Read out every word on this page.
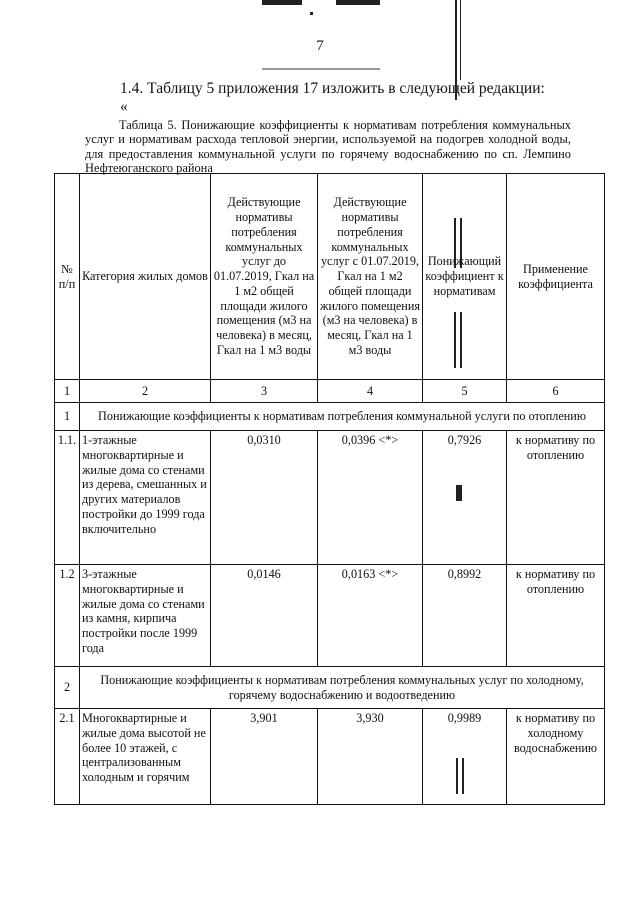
7
1.4. Таблицу 5 приложения 17 изложить в следующей редакции:
«
Таблица 5. Понижающие коэффициенты к нормативам потребления коммунальных услуг и нормативам расхода тепловой энергии, используемой на подогрев холодной воды, для предоставления коммунальной услуги по горячему водоснабжению по сп. Лемпино Нефтеюганского района
№ п/п	Категория жилых домов	Действующие нормативы потребления коммунальных услуг до 01.07.2019, Гкал на 1 м2 общей площади жилого помещения (м3 на человека) в месяц, Гкал на 1 м3 воды	Действующие нормативы потребления коммунальных услуг с 01.07.2019, Гкал на 1 м2 общей площади жилого помещения (м3 на человека) в месяц, Гкал на 1 м3 воды	Понижающий коэффициент к нормативам	Применение коэффициента
1	2	3	4	5	6
1	Понижающие коэффициенты к нормативам потребления коммунальной услуги по отоплению				
1.1.	1-этажные многоквартирные и жилые дома со стенами из дерева, смешанных и других материалов постройки до 1999 года включительно	0,0310	0,0396 <*>	0,7926	к нормативу по отоплению
1.2	3-этажные многоквартирные и жилые дома со стенами из камня, кирпича постройки после 1999 года	0,0146	0,0163 <*>	0,8992	к нормативу по отоплению
2	Понижающие коэффициенты к нормативам потребления коммунальных услуг по холодному, горячему водоснабжению и водоотведению				
2.1	Многоквартирные и жилые дома высотой не более 10 этажей, с централизованным холодным и горячим	3,901	3,930	0,9989	к нормативу по холодному водоснабжению
